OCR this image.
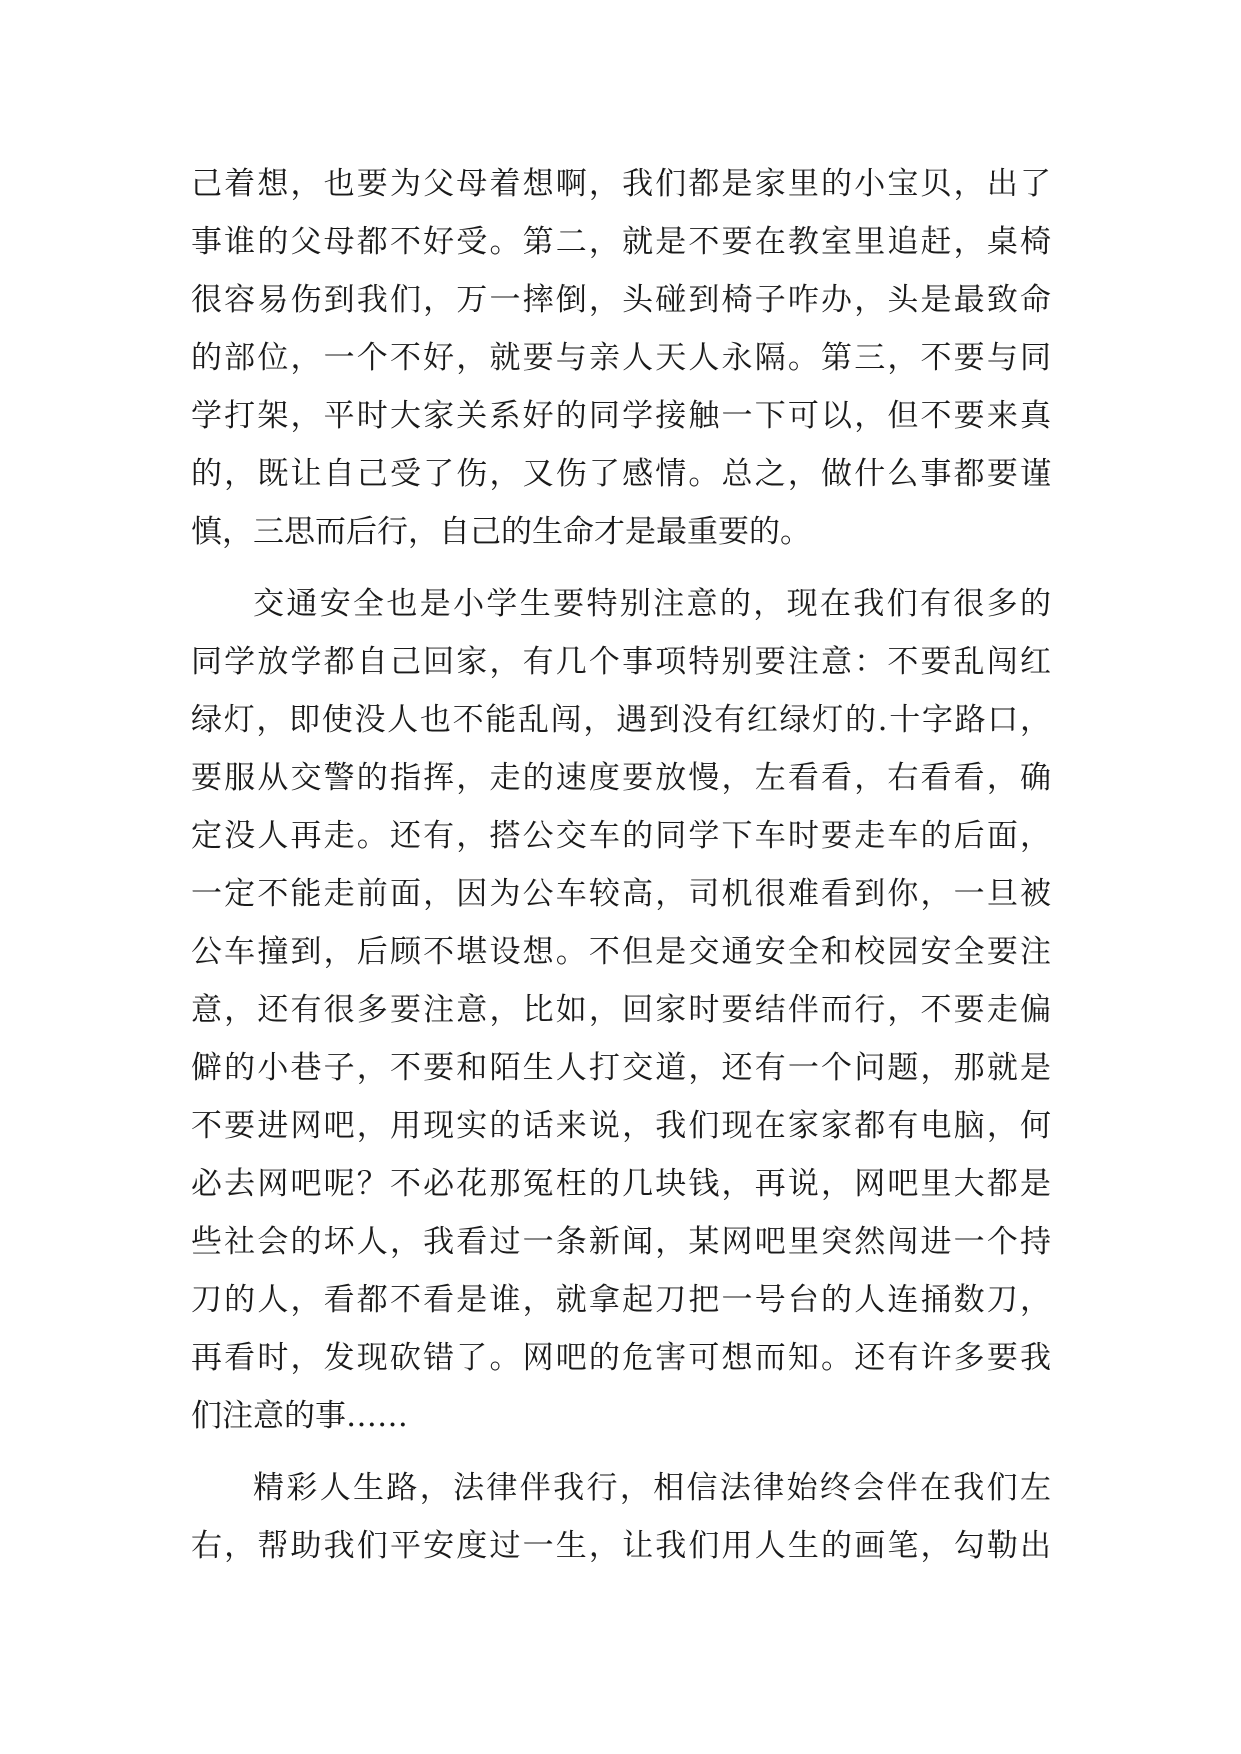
己着想，也要为父母着想啊，我们都是家里的小宝贝，出了
事谁的父母都不好受。第二，就是不要在教室里追赶，桌椅
很容易伤到我们，万一摔倒，头碰到椅子咋办，头是最致命
的部位，一个不好，就要与亲人天人永隔。第三，不要与同
学打架，平时大家关系好的同学接触一下可以，但不要来真
的，既让自己受了伤，又伤了感情。总之，做什么事都要谨
慎，三思而后行，自己的生命才是最重要的。
交通安全也是小学生要特别注意的，现在我们有很多的
同学放学都自己回家，有几个事项特别要注意：不要乱闯红
绿灯，即使没人也不能乱闯，遇到没有红绿灯的.十字路口，
要服从交警的指挥，走的速度要放慢，左看看，右看看，确
定没人再走。还有，搭公交车的同学下车时要走车的后面，
一定不能走前面，因为公车较高，司机很难看到你，一旦被
公车撞到，后顾不堪设想。不但是交通安全和校园安全要注
意，还有很多要注意，比如，回家时要结伴而行，不要走偏
僻的小巷子，不要和陌生人打交道，还有一个问题，那就是
不要进网吧，用现实的话来说，我们现在家家都有电脑，何
必去网吧呢？不必花那冤枉的几块钱，再说，网吧里大都是
些社会的坏人，我看过一条新闻，某网吧里突然闯进一个持
刀的人，看都不看是谁，就拿起刀把一号台的人连捅数刀，
再看时，发现砍错了。网吧的危害可想而知。还有许多要我
们注意的事……
精彩人生路，法律伴我行，相信法律始终会伴在我们左
右，帮助我们平安度过一生，让我们用人生的画笔，勾勒出
